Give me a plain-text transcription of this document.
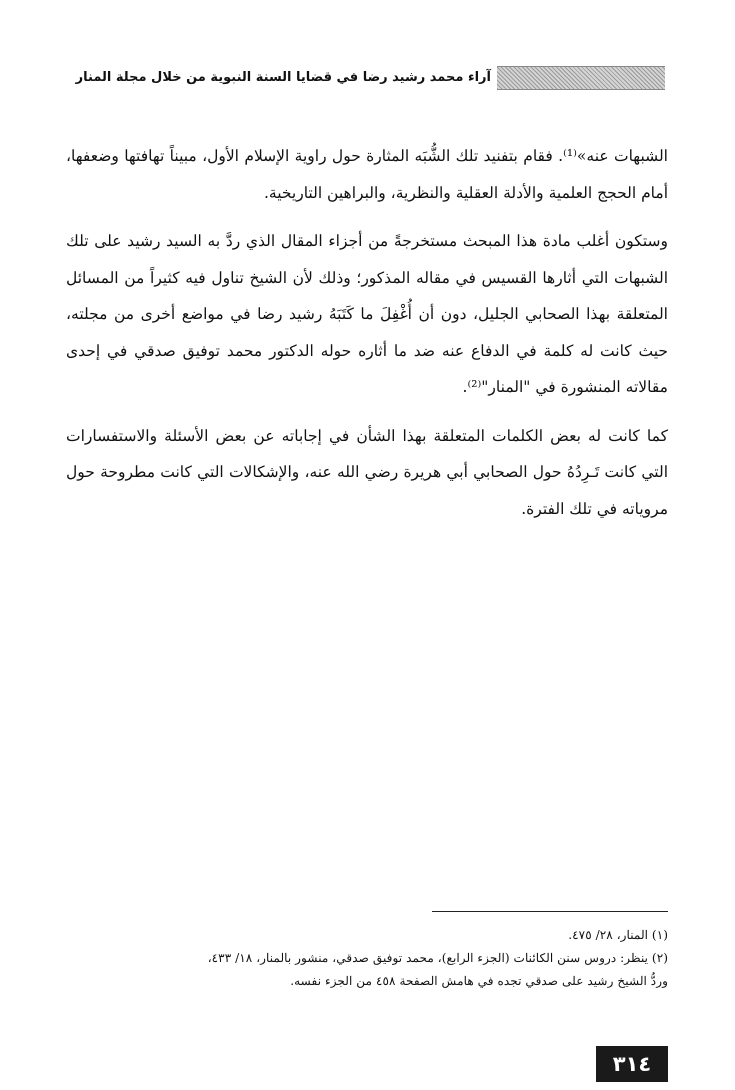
آراء محمد رشيد رضا في قضايا السنة النبوية من خلال مجلة المنار

الشبهات عنه»⁽¹⁾. فقام بتفنيد تلك الشُّبَه المثارة حول راوية الإسلام الأول، مبيناً تهافتها وضعفها، أمام الحجج العلمية والأدلة العقلية والنظرية، والبراهين التاريخية.

وستكون أغلب مادة هذا المبحث مستخرجةً من أجزاء المقال الذي ردَّ به السيد رشيد على تلك الشبهات التي أثارها القسيس في مقاله المذكور؛ وذلك لأن الشيخ تناول فيه كثيراً من المسائل المتعلقة بهذا الصحابي الجليل، دون أن أُغْفِلَ ما كَتَبَهُ رشيد رضا في مواضع أخرى من مجلته، حيث كانت له كلمة في الدفاع عنه ضد ما أثاره حوله الدكتور محمد توفيق صدقي في إحدى مقالاته المنشورة في "المنار"⁽²⁾.

كما كانت له بعض الكلمات المتعلقة بهذا الشأن في إجاباته عن بعض الأسئلة والاستفسارات التي كانت تَـرِدُهُ حول الصحابي أبي هريرة رضي الله عنه، والإشكالات التي كانت مطروحة حول مروياته في تلك الفترة.

(١) المنار، ٢٨/ ٤٧٥.

(٢) ينظر: دروس سنن الكائنات (الجزء الرابع)، محمد توفيق صدقي، منشور بالمنار، ١٨/ ٤٣٣،

وردُّ الشيخ رشيد على صدقي تجده في هامش الصفحة ٤٥٨ من الجزء نفسه.

٣١٤
